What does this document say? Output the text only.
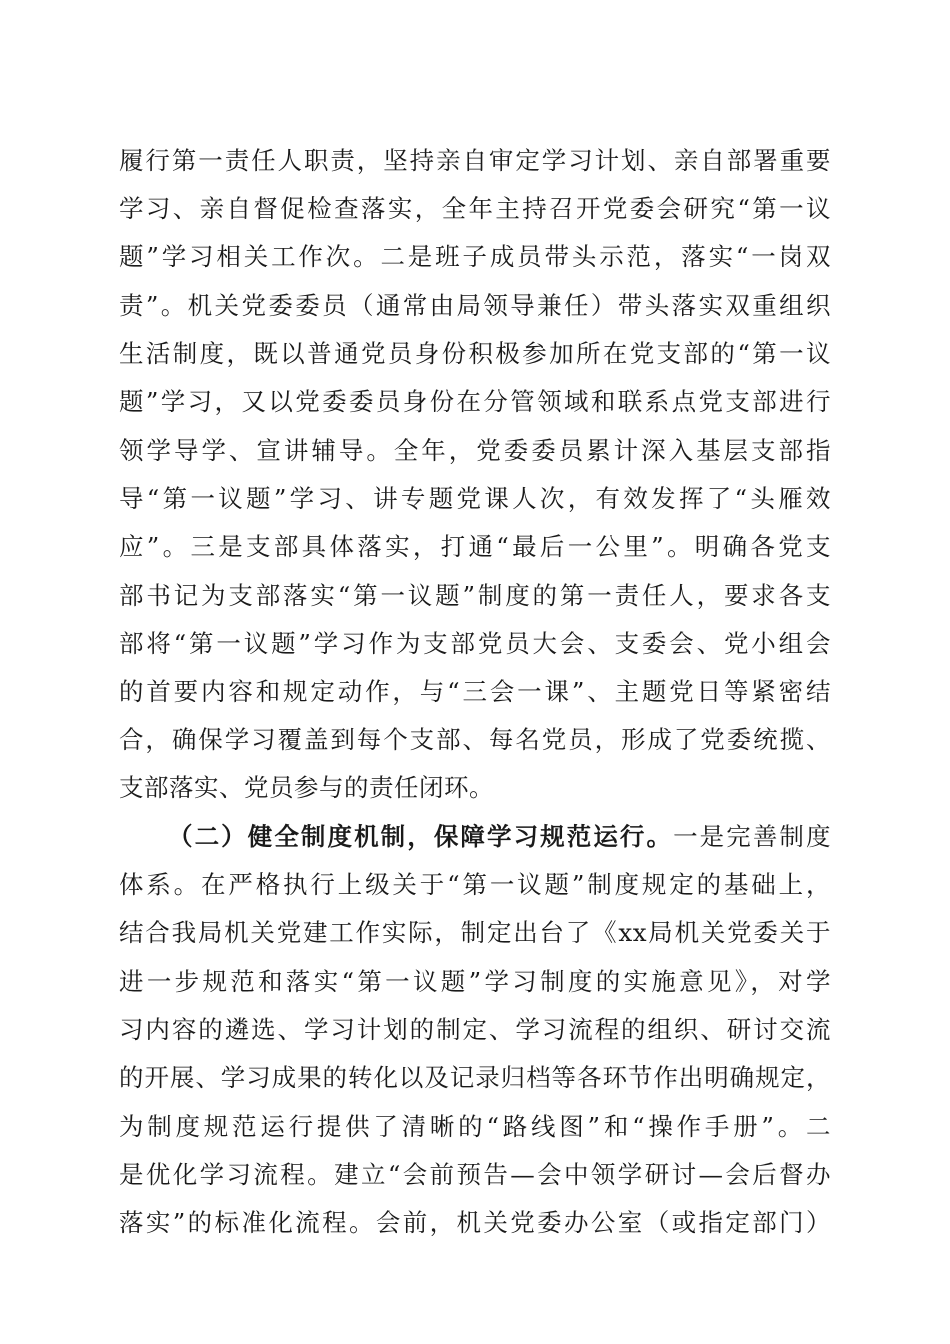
履行第一责任人职责，坚持亲自审定学习计划、亲自部署重要

学习、亲自督促检查落实，全年主持召开党委会研究“第一议

题”学习相关工作次。二是班子成员带头示范，落实“一岗双

责”。机关党委委员（通常由局领导兼任）带头落实双重组织

生活制度，既以普通党员身份积极参加所在党支部的“第一议

题”学习，又以党委委员身份在分管领域和联系点党支部进行

领学导学、宣讲辅导。全年，党委委员累计深入基层支部指

导“第一议题”学习、讲专题党课人次，有效发挥了“头雁效

应”。三是支部具体落实，打通“最后一公里”。明确各党支

部书记为支部落实“第一议题”制度的第一责任人，要求各支

部将“第一议题”学习作为支部党员大会、支委会、党小组会

的首要内容和规定动作，与“三会一课”、主题党日等紧密结

合，确保学习覆盖到每个支部、每名党员，形成了党委统揽、

支部落实、党员参与的责任闭环。

（二）健全制度机制，保障学习规范运行。一是完善制度

体系。在严格执行上级关于“第一议题”制度规定的基础上，

结合我局机关党建工作实际，制定出台了《xx局机关党委关于

进一步规范和落实“第一议题”学习制度的实施意见》，对学

习内容的遴选、学习计划的制定、学习流程的组织、研讨交流

的开展、学习成果的转化以及记录归档等各环节作出明确规定，

为制度规范运行提供了清晰的“路线图”和“操作手册”。二

是优化学习流程。建立“会前预告—会中领学研讨—会后督办

落实”的标准化流程。会前，机关党委办公室（或指定部门）
